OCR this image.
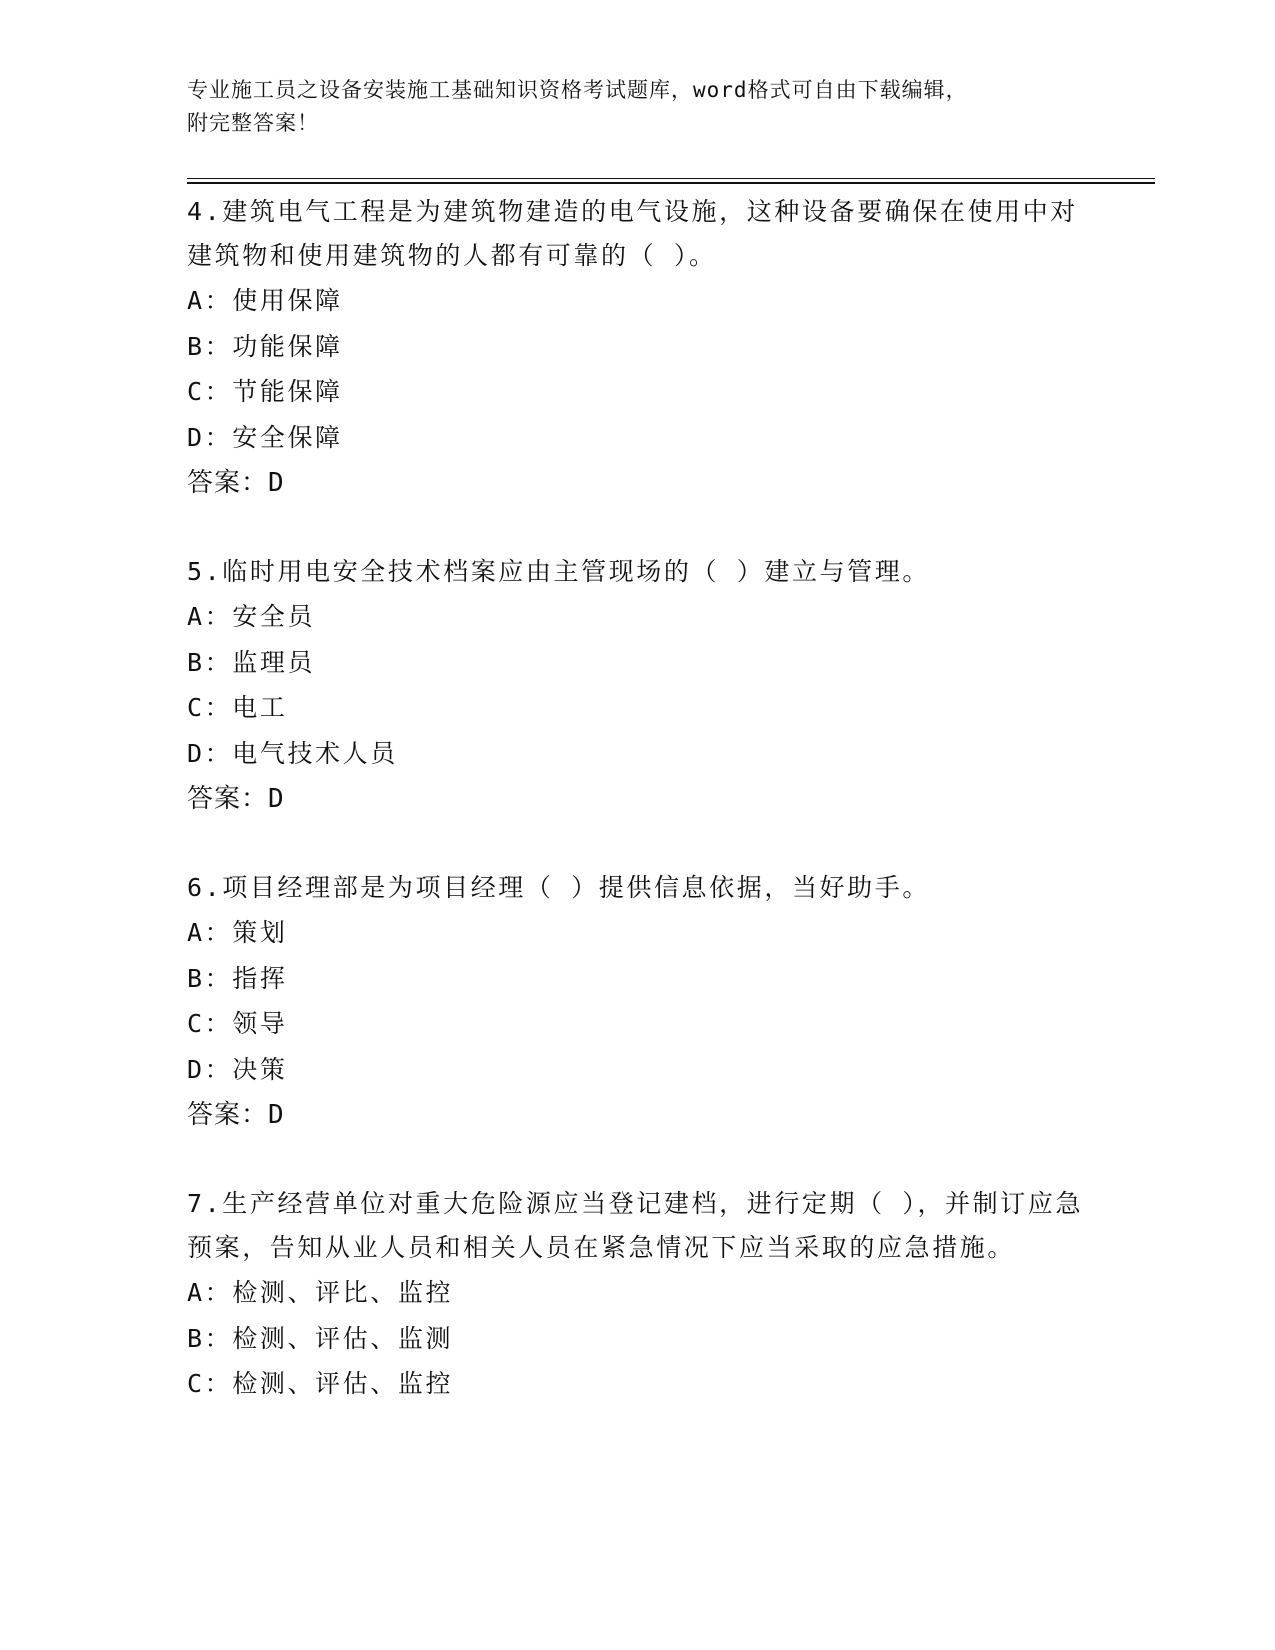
专业施工员之设备安装施工基础知识资格考试题库，word格式可自由下载编辑，
附完整答案！

4.建筑电气工程是为建筑物建造的电气设施，这种设备要确保在使用中对建筑物和使用建筑物的人都有可靠的（ ）。

A：使用保障

B：功能保障

C：节能保障

D：安全保障

答案：D

5.临时用电安全技术档案应由主管现场的（ ）建立与管理。

A：安全员

B：监理员

C：电工

D：电气技术人员

答案：D

6.项目经理部是为项目经理（ ）提供信息依据，当好助手。

A：策划

B：指挥

C：领导

D：决策

答案：D

7.生产经营单位对重大危险源应当登记建档，进行定期（ ），并制订应急预案，告知从业人员和相关人员在紧急情况下应当采取的应急措施。

A：检测、评比、监控

B：检测、评估、监测

C：检测、评估、监控
